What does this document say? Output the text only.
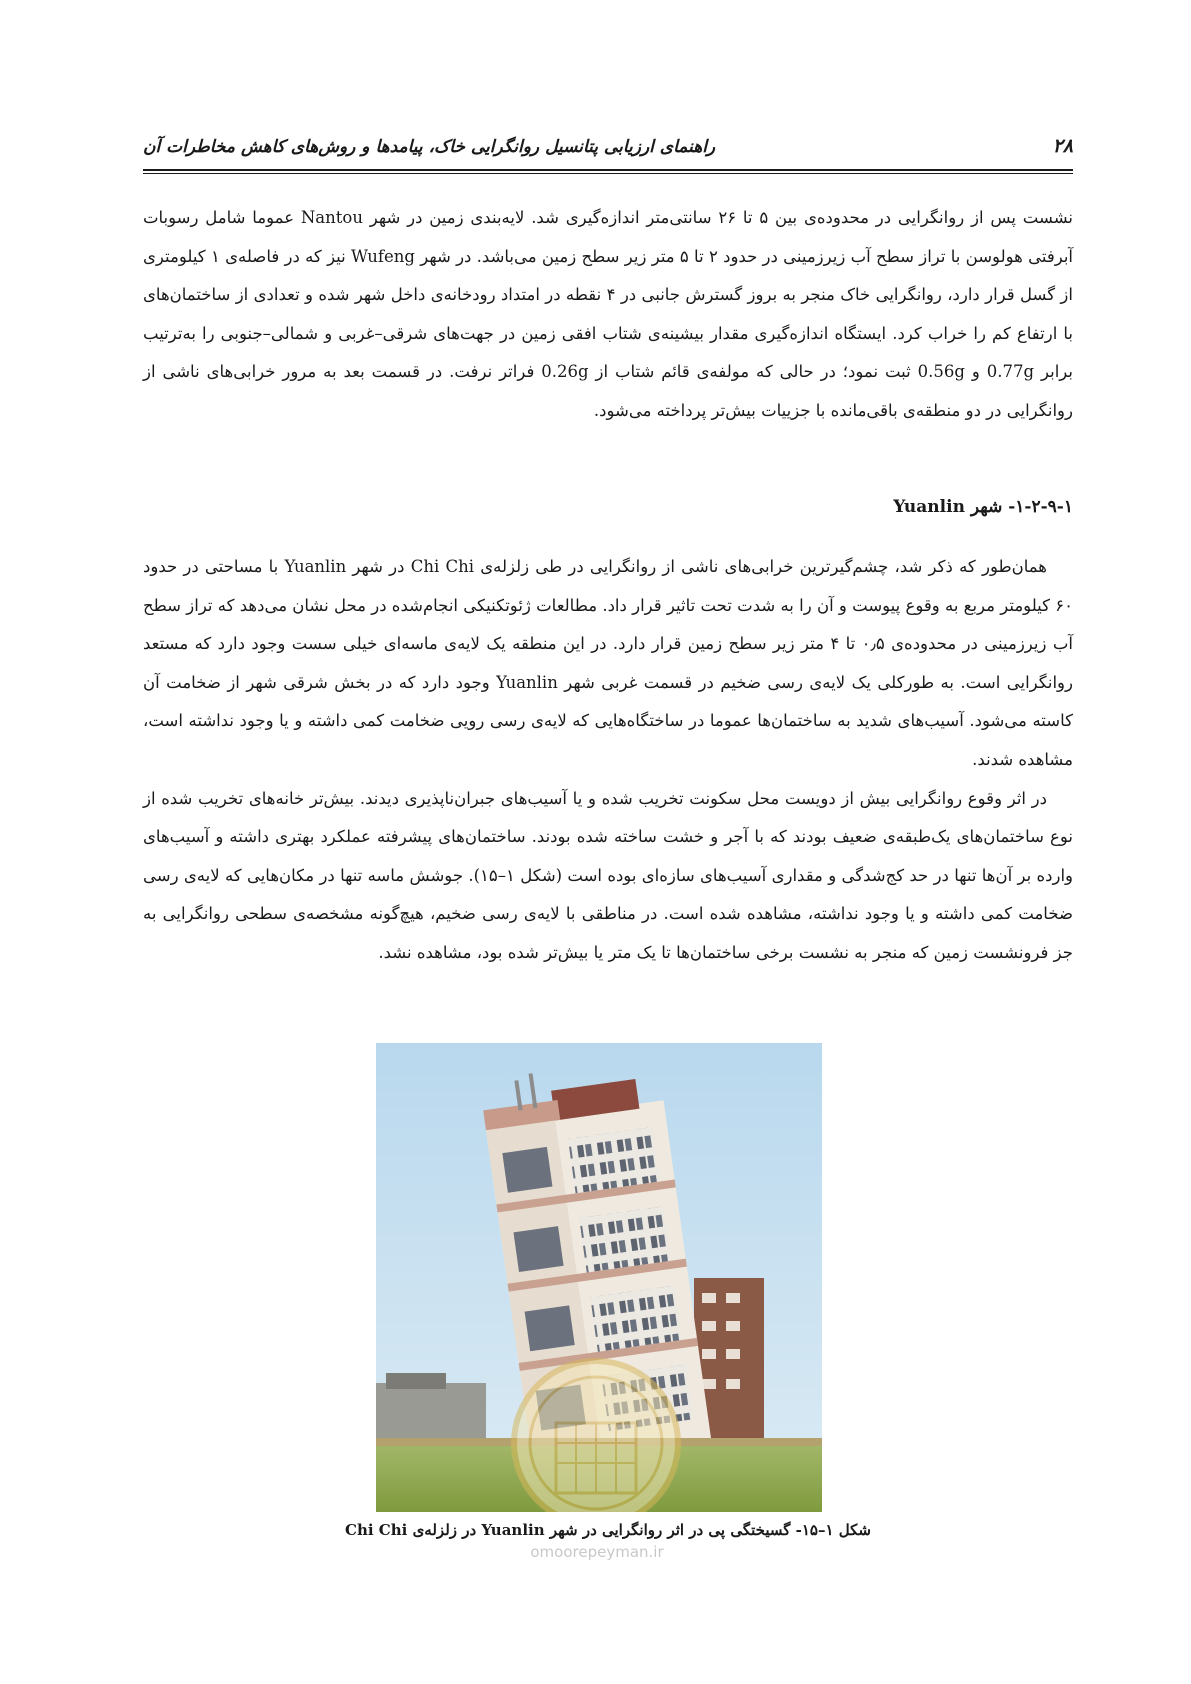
راهنمای ارزیابی پتانسیل روانگرایی خاک، پیامدها و روش‌های کاهش مخاطرات آن	۲۸

نشست پس از روانگرایی در محدوده‌ی بین ۵ تا ۲۶ سانتی‌متر اندازه‌گیری شد. لایه‌بندی زمین در شهر Nantou عموما شامل رسوبات آبرفتی هولوسن با تراز سطح آب زیرزمینی در حدود ۲ تا ۵ متر زیر سطح زمین می‌باشد. در شهر Wufeng نیز که در فاصله‌ی ۱ کیلومتری از گسل قرار دارد، روانگرایی خاک منجر به بروز گسترش جانبی در ۴ نقطه در امتداد رودخانه‌ی داخل شهر شده و تعدادی از ساختمان‌های با ارتفاع کم را خراب کرد. ایستگاه اندازه‌گیری مقدار بیشینه‌ی شتاب افقی زمین در جهت‌های شرقی–غربی و شمالی–جنوبی را به‌ترتیب برابر 0.77g و 0.56g ثبت نمود؛ در حالی که مولفه‌ی قائم شتاب از 0.26g فراتر نرفت. در قسمت بعد به مرور خرابی‌های ناشی از روانگرایی در دو منطقه‌ی باقی‌مانده با جزییات بیش‌تر پرداخته می‌شود.

۱-۲-۹-۱- شهر Yuanlin

همان‌طور که ذکر شد، چشم‌گیرترین خرابی‌های ناشی از روانگرایی در طی زلزله‌ی Chi Chi در شهر Yuanlin با مساحتی در حدود ۶۰ کیلومتر مربع به وقوع پیوست و آن را به شدت تحت تاثیر قرار داد. مطالعات ژئوتکنیکی انجام‌شده در محل نشان می‌دهد که تراز سطح آب زیرزمینی در محدوده‌ی ۰٫۵ تا ۴ متر زیر سطح زمین قرار دارد. در این منطقه یک لایه‌ی ماسه‌ای خیلی سست وجود دارد که مستعد روانگرایی است. به طورکلی یک لایه‌ی رسی ضخیم در قسمت غربی شهر Yuanlin وجود دارد که در بخش شرقی شهر از ضخامت آن کاسته می‌شود. آسیب‌های شدید به ساختمان‌ها عموما در ساختگاه‌هایی که لایه‌ی رسی رویی ضخامت کمی داشته و یا وجود نداشته است، مشاهده شدند.

در اثر وقوع روانگرایی بیش از دویست محل سکونت تخریب شده و یا آسیب‌های جبران‌ناپذیری دیدند. بیش‌تر خانه‌های تخریب شده از نوع ساختمان‌های یک‌طبقه‌ی ضعیف بودند که با آجر و خشت ساخته شده بودند. ساختمان‌های پیشرفته عملکرد بهتری داشته و آسیب‌های وارده بر آن‌ها تنها در حد کج‌شدگی و مقداری آسیب‌های سازه‌ای بوده است (شکل ۱–۱۵). جوشش ماسه تنها در مکان‌هایی که لایه‌ی رسی ضخامت کمی داشته و یا وجود نداشته، مشاهده شده است. در مناطقی با لایه‌ی رسی ضخیم، هیچ‌گونه مشخصه‌ی سطحی روانگرایی به جز فرونشست زمین که منجر به نشست برخی ساختمان‌ها تا یک متر یا بیش‌تر شده بود، مشاهده نشد.

شکل ۱–۱۵- گسیختگی پی در اثر روانگرایی در شهر Yuanlin در زلزله‌ی Chi Chi
omoorepeyman.ir
